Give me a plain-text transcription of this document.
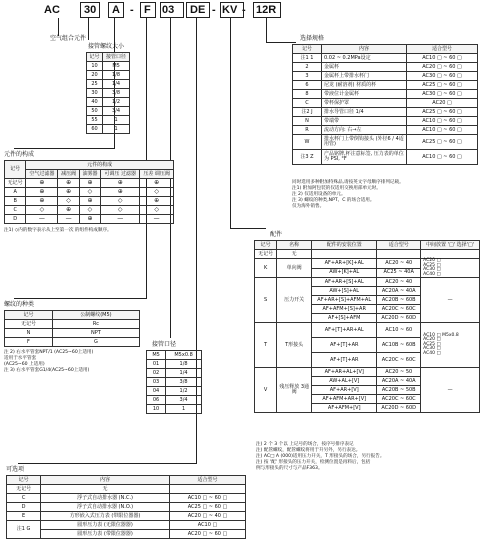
AC 30 A - F 03 DE - KV - 12R
空气组合元件
接管螺纹大小
元件的构成
螺纹的种类
配件
选择规格
可选项
记号	接管口径
10	M5
20	1/8
25	1/4
30	3/8
40	1/2
50	3/4
55	1
60	1
记号	元件的构成				
	空气过滤器	减压阀	油雾器	可调压 过滤器	压差 调压阀
无记号	⊕	⊕	⊕	⊕	⊕
A	⊕	⊕	◇	⊕	◇
B	⊕	◇	⊕	◇	⊕
C	◇	⊕	◇	◇	◇
D	—	—	⊕	—	—
注1) ◇内的数字表示从上至第一次 的组件构成顺序。
记号	公制螺纹(M5)
无记号	Rc
N	NPT
F	G
注 2) 右水平管套NPT/1 (AC25~60上适用)
适用于水平管套
(AC25~60 上适用)
注 3) 右水平管套G1/4(AC25~60上适用)
接管口径
M5	M5x0.8
01	1/8
02	1/4
03	3/8
04	1/2
06	3/4
10	1
记号	内容	适合型号
注1 1	0.02 ~ 0.2MPa设定	AC10 □ ~ 60 □
2	金属杯	AC20 □ ~ 60 □
3	金属杯上带排水杯门	AC30 □ ~ 60 □
6	尼龙 (耐溶剂) 材质的杯	AC25 □ ~ 60 □
8	带液位计金属杯	AC30 □ ~ 60 □
C	带杯保护罩	AC20 □
注2 J	排水导管口径 1/4	AC25 □ ~ 60 □
N	带端带	AC10 □ ~ 60 □
R	流动方向: 右→左	AC10 □ ~ 60 □
W	排水杯门上带倒钩接头 (外径6 / 4适用管)	AC25 □ ~ 60 □
注3 Z	产品铭牌,杯注意标签, 压力表的单位为 PSI, °F	AC10 □ ~ 60 □
同时选用多种附加特殊品,请按英文字母顺序排列记载。
注1) 附加阿包装的仅适用交换用部单元时。
注 2) 仅适用设备的单元。
注 3) 螺纹的种类,NPT、C 的场合适用。
仅为海外销售。
记号	名称	配件的安装位置	适合型号	中间放置 '□' 选择'□'
无记号	无			
K	单向阀	AF+AR+[K]+AL	AC20 ~ 40	AC20 □
AC25 □
AC30 □
AC40 □

		AW+[K]+AL	AC25 ~ 40A	
S	压力开关	AF+AR+[S]+AL	AC20 ~ 40	—
		AW+[S]+AL	AC20A ~ 40A	
		AF+AR+[S]+AFM+AL	AC20B ~ 60B	
		AF+AFM+[S]+AR	AC20C ~ 60C	
		AF+[S]+AFM	AC20D ~ 60D	
T	T形接头	AF+[T]+AR+AL	AC10 ~ 60	AC10 □ M5x0.8
AC20 □
AC25 □
AC30 □
AC40 □

		AF+[T]+AR	AC10B ~ 60B	
		AF+[T]+AR	AC20C ~ 60C	
V	残压释放 3通阀	AF+AR+AL+[V]	AC20 ~ 50	—
		AW+AL+[V]	AC20A ~ 40A	
		AF+AR+[V]	AC20B ~ 50B	
		AF+AFM+AR+[V]	AC20C ~ 60C	
		AF+AFM+[V]	AC20D ~ 60D	
注) 2 个 3 个以 上记号的场合，按序号排序表记
注) 配管螺纹，配管螺纹将用于升另外，另行表达。
注) AC□ A (000)适用压力开关，T 形接头的场合，另行报告。
注) 按 '配' 形接头的压力开关，检测位置是再料后，包括
例与形接头的尺寸与产品F363。
记号	内容	适合型号
无记号	无	
C	浮子式自动排水器 (N.C.)	AC10 □ ~ 60 □
D	浮子式自动排水器 (N.O.)	AC25 □ ~ 60 □
E	方形嵌入式压力表 (带限位器器)	AC20 □ ~ 40 □
注1 G	圆形压力表 (无限位器器)	AC10 □
	圆形压力表 (带限位器器)	AC20 □ ~ 60 □
